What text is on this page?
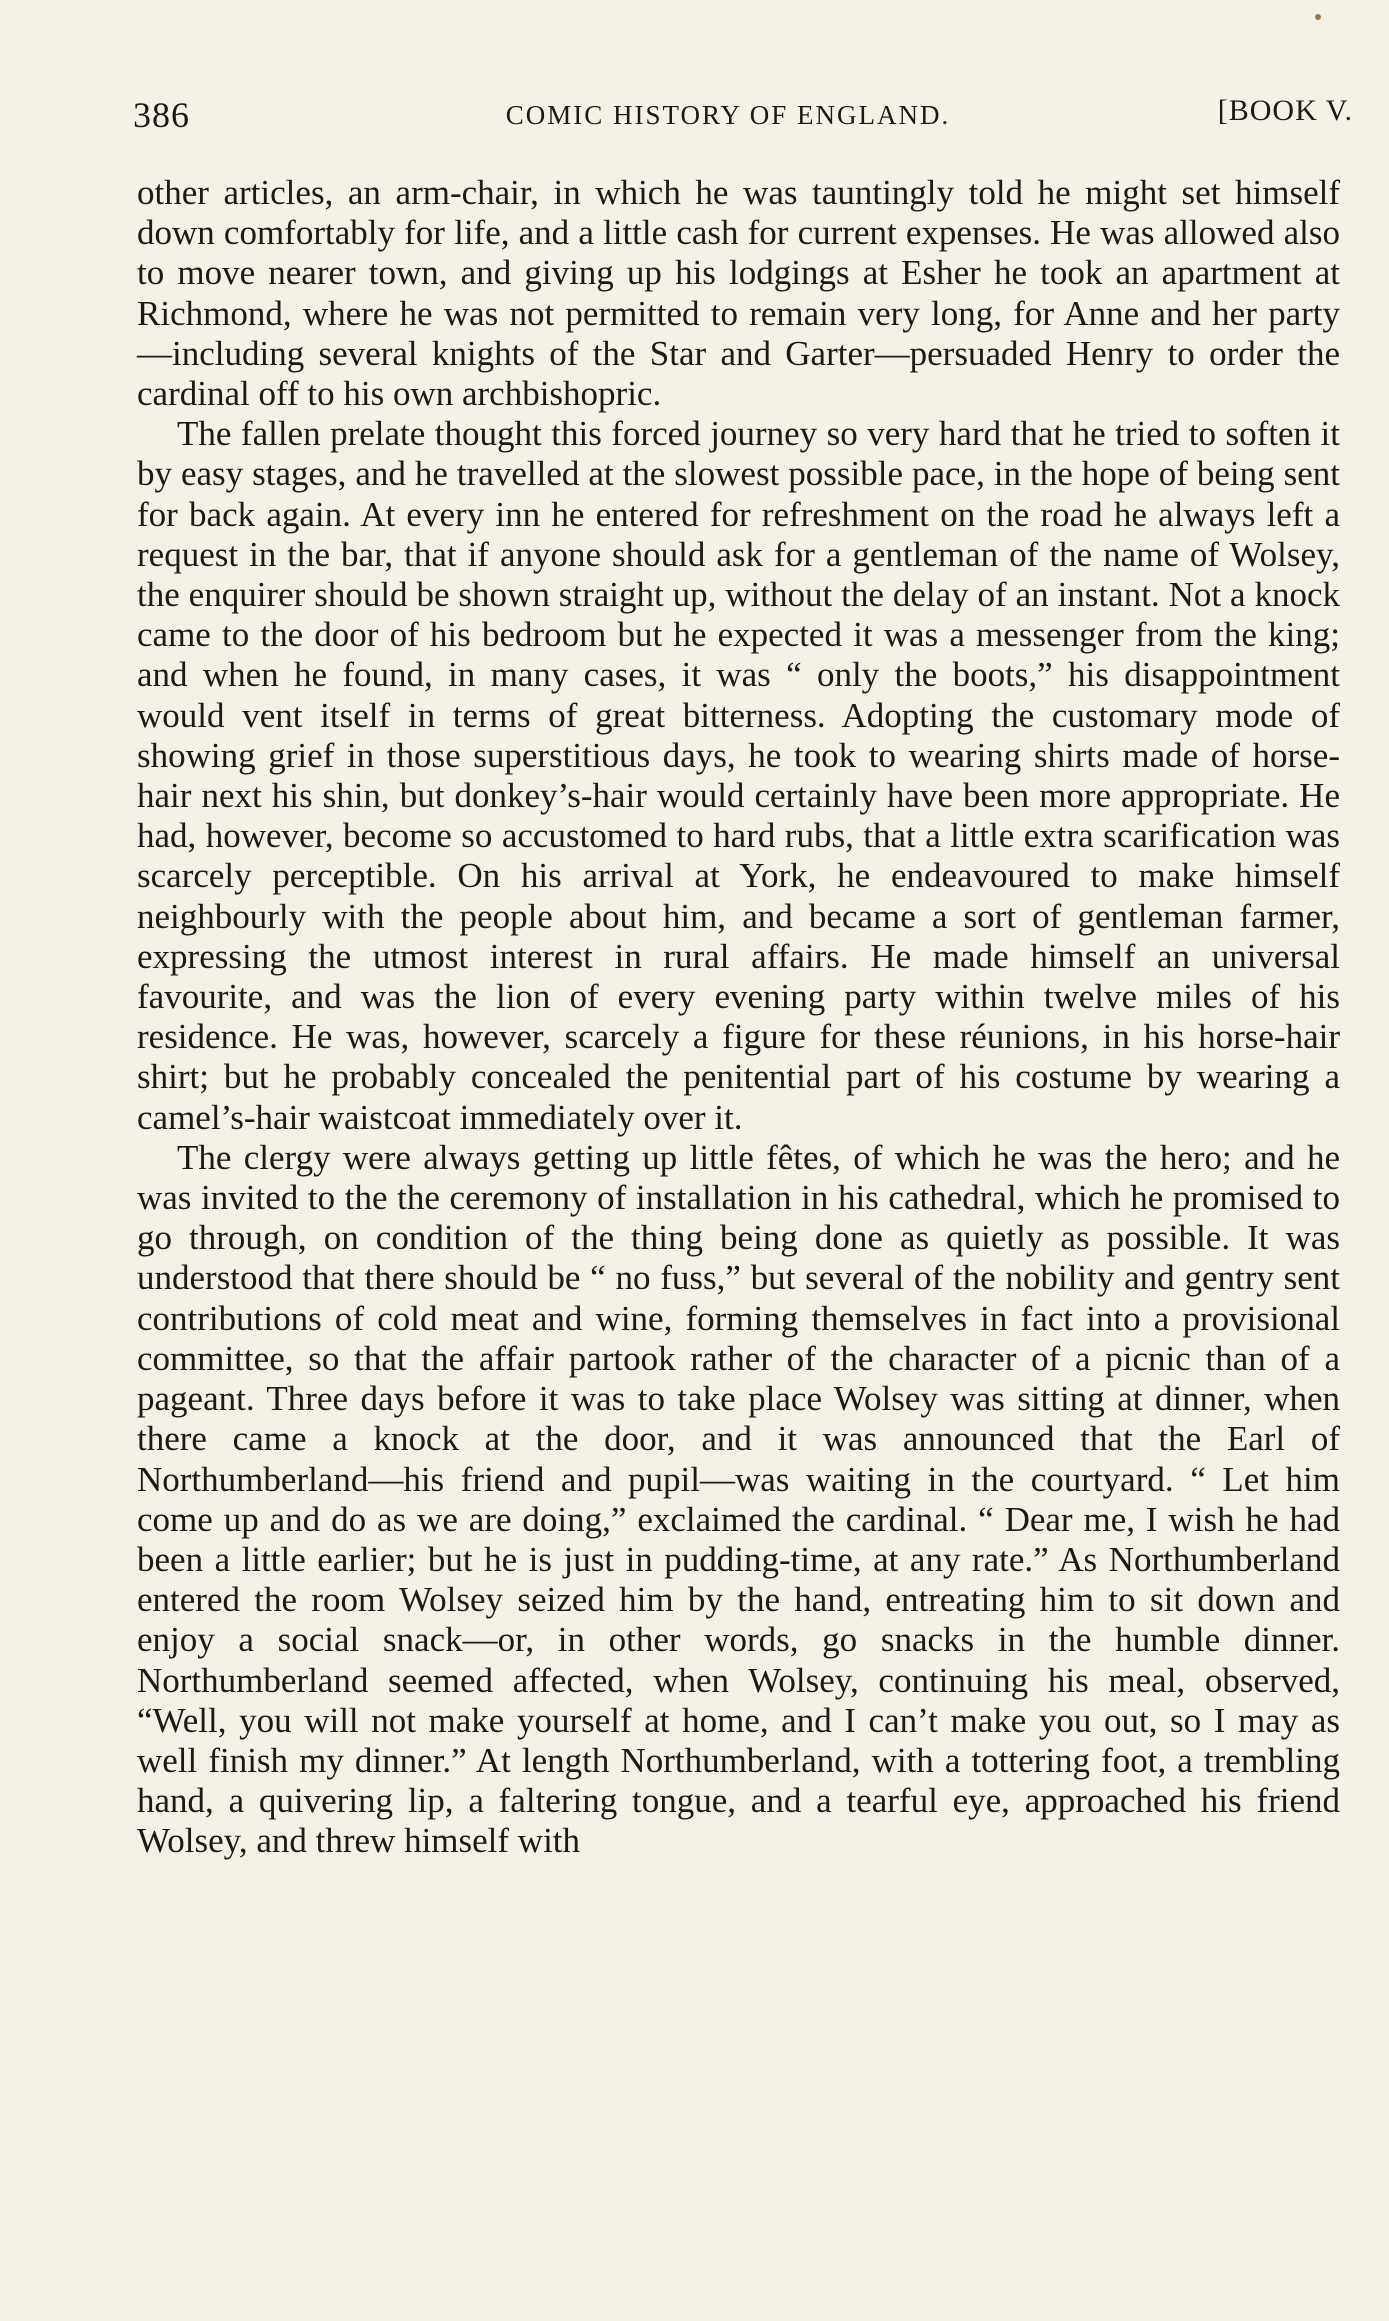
386	COMIC HISTORY OF ENGLAND.	[BOOK V.

other articles, an arm-chair, in which he was tauntingly told he might set himself down comfortably for life, and a little cash for current expenses. He was allowed also to move nearer town, and giving up his lodgings at Esher he took an apartment at Richmond, where he was not permitted to remain very long, for Anne and her party—including several knights of the Star and Garter—persuaded Henry to order the cardinal off to his own archbishopric.

The fallen prelate thought this forced journey so very hard that he tried to soften it by easy stages, and he travelled at the slowest possible pace, in the hope of being sent for back again. At every inn he entered for refreshment on the road he always left a request in the bar, that if anyone should ask for a gentleman of the name of Wolsey, the enquirer should be shown straight up, without the delay of an instant. Not a knock came to the door of his bedroom but he expected it was a messenger from the king; and when he found, in many cases, it was “ only the boots,” his disappointment would vent itself in terms of great bitterness. Adopting the customary mode of showing grief in those superstitious days, he took to wearing shirts made of horse-hair next his shin, but donkey’s-hair would certainly have been more appropriate. He had, however, become so accustomed to hard rubs, that a little extra scarification was scarcely perceptible. On his arrival at York, he endeavoured to make himself neighbourly with the people about him, and became a sort of gentleman farmer, expressing the utmost interest in rural affairs. He made himself an universal favourite, and was the lion of every evening party within twelve miles of his residence. He was, however, scarcely a figure for these réunions, in his horse-hair shirt; but he probably concealed the penitential part of his costume by wearing a camel’s-hair waistcoat immediately over it.

The clergy were always getting up little fêtes, of which he was the hero; and he was invited to the the ceremony of installation in his cathedral, which he promised to go through, on condition of the thing being done as quietly as possible. It was understood that there should be “ no fuss,” but several of the nobility and gentry sent contributions of cold meat and wine, forming themselves in fact into a provisional committee, so that the affair partook rather of the character of a picnic than of a pageant. Three days before it was to take place Wolsey was sitting at dinner, when there came a knock at the door, and it was announced that the Earl of Northumberland—his friend and pupil—was waiting in the courtyard. “ Let him come up and do as we are doing,” exclaimed the cardinal. “ Dear me, I wish he had been a little earlier; but he is just in pudding-time, at any rate.” As Northumberland entered the room Wolsey seized him by the hand, entreating him to sit down and enjoy a social snack—or, in other words, go snacks in the humble dinner. Northumberland seemed affected, when Wolsey, continuing his meal, observed, “Well, you will not make yourself at home, and I can’t make you out, so I may as well finish my dinner.” At length Northumberland, with a tottering foot, a trembling hand, a quivering lip, a faltering tongue, and a tearful eye, approached his friend Wolsey, and threw himself with
